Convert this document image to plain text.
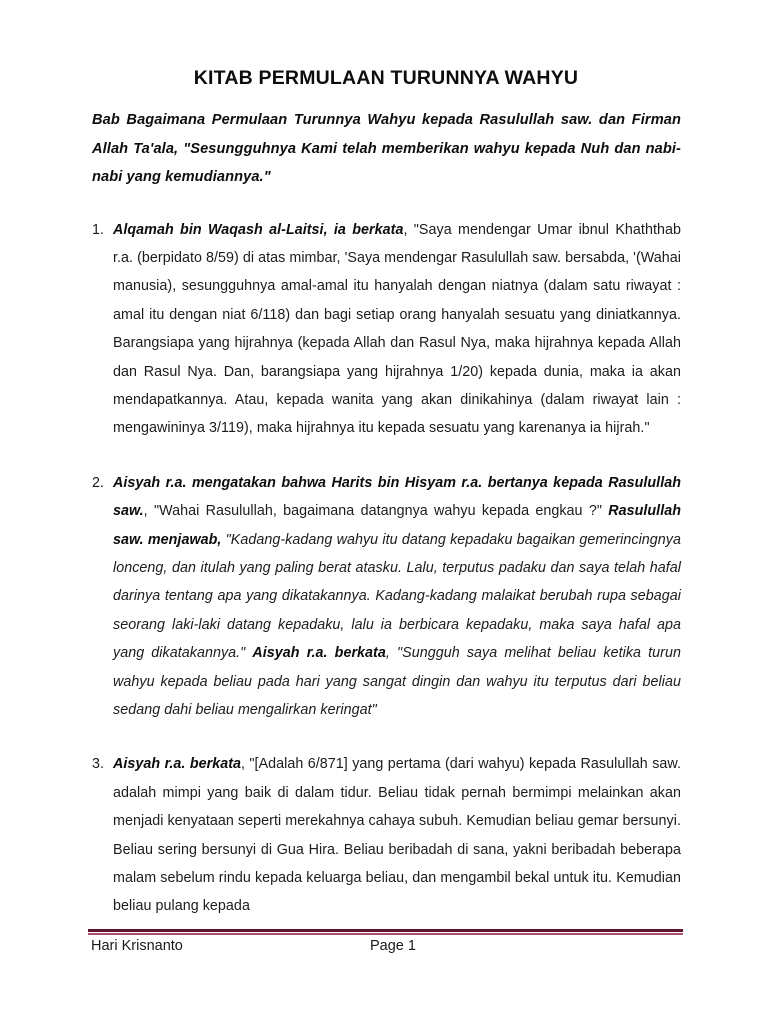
KITAB PERMULAAN TURUNNYA WAHYU

Bab Bagaimana Permulaan Turunnya Wahyu kepada Rasulullah saw. dan Firman Allah Ta'ala, "Sesungguhnya Kami telah memberikan wahyu kepada Nuh dan nabi-nabi yang kemudiannya."

1. Alqamah bin Waqash al-Laitsi, ia berkata, "Saya mendengar Umar ibnul Khaththab r.a. (berpidato 8/59) di atas mimbar, 'Saya mendengar Rasulullah saw. bersabda, '(Wahai manusia), sesungguhnya amal-amal itu hanyalah dengan niatnya (dalam satu riwayat : amal itu dengan niat 6/118) dan bagi setiap orang hanyalah sesuatu yang diniatkannya. Barangsiapa yang hijrahnya (kepada Allah dan Rasul Nya, maka hijrahnya kepada Allah dan Rasul Nya. Dan, barangsiapa yang hijrahnya 1/20) kepada dunia, maka ia akan mendapatkannya. Atau, kepada wanita yang akan dinikahinya (dalam riwayat lain : mengawininya 3/119), maka hijrahnya itu kepada sesuatu yang karenanya ia hijrah."
2. Aisyah r.a. mengatakan bahwa Harits bin Hisyam r.a. bertanya kepada Rasulullah saw., "Wahai Rasulullah, bagaimana datangnya wahyu kepada engkau ?" Rasulullah saw. menjawab, "Kadang-kadang wahyu itu datang kepadaku bagaikan gemerincingnya lonceng, dan itulah yang paling berat atasku. Lalu, terputus padaku dan saya telah hafal darinya tentang apa yang dikatakannya. Kadang-kadang malaikat berubah rupa sebagai seorang laki-laki datang kepadaku, lalu ia berbicara kepadaku, maka saya hafal apa yang dikatakannya." Aisyah r.a. berkata, "Sungguh saya melihat beliau ketika turun wahyu kepada beliau pada hari yang sangat dingin dan wahyu itu terputus dari beliau sedang dahi beliau mengalirkan keringat"
3. Aisyah r.a. berkata, "[Adalah 6/871] yang pertama (dari wahyu) kepada Rasulullah saw. adalah mimpi yang baik di dalam tidur. Beliau tidak pernah bermimpi melainkan akan menjadi kenyataan seperti merekahnya cahaya subuh. Kemudian beliau gemar bersunyi. Beliau sering bersunyi di Gua Hira. Beliau beribadah di sana, yakni beribadah beberapa malam sebelum rindu kepada keluarga beliau, dan mengambil bekal untuk itu. Kemudian beliau pulang kepada
Hari Krisnanto	Page 1
